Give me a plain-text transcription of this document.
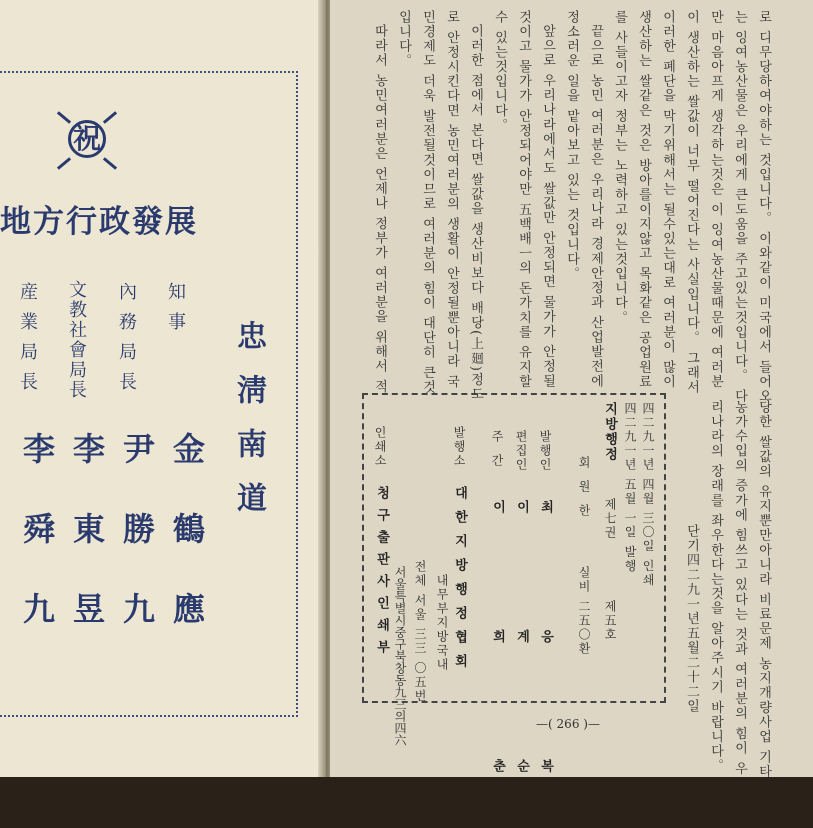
祝
地方行政發展
知事
內務局長
文教社會局長
産業局長
金鶴應
尹勝九
李東昱
李舜九
忠淸南道
로 디무당하여야하는 것입니다。 이와같이 미국에서 들어오
는 잉여농산물은 우리에게 큰도움을 주고있는것입니다。 다
만 마음아프게 생각하는것은 이 잉여농산물때문에 여러분
이 생산하는 쌀값이 너무 떨어진다는 사실입니다。 그래서
이러한 폐단을 막기위해서는 될수있는대로 여러분이 많이
생산하는 쌀같은 것은 방아를이지않고 목화같은 공업원료
를 사들이고자 정부는 노력하고 있는것입니다。
끝으로 농민 여러분은 우리나라 경제안정과 산업발전에
정소러운 일을 맡아보고 있는 것입니다。
앞으로 우리나라에서도 쌀값만 안정되면 물가가 안정될
것이고 물가가 안정되어야만 五백배ㅡ의 돈가치를 유지할
수 있는것입니다。
이러한 점에서 본다면 쌀값을 생산비보다 배당(上廻)정도
로 안정시킨다면 농민여러분의 생활이 안정될뿐아니라 국
민경제도 더욱 발전될것이므로 여러분의 힘이 대단히 큰것
입니다。
따라서 농민여러분은 언제나 정부가 여러분을 위해서 적
당한 쌀값의 유지뿐만아니라 비료문제 농지개량사업 기타
농가수입의 증가에 힘쓰고 있다는 것과 여러분의 힘이 우
리나라의 장래를 좌우한다는것을 알아주시기 바랍니다。
단기四二九一년五월二十二일
四二九一년 四월 三〇일 인쇄
四二九一년 五월 一일 발행
지방행정
제七권
제五호
회원한
실비 二五〇환
발행인
최 응 복
편집인
이 계 순
주간
이 희 춘
발행소
대한지방행정협회
내무부지방국내
전체 서울 三三 〇五번
인쇄소
청구출판사인쇄부 서울특별시중구북창동九三의四六	—( 266 )—
